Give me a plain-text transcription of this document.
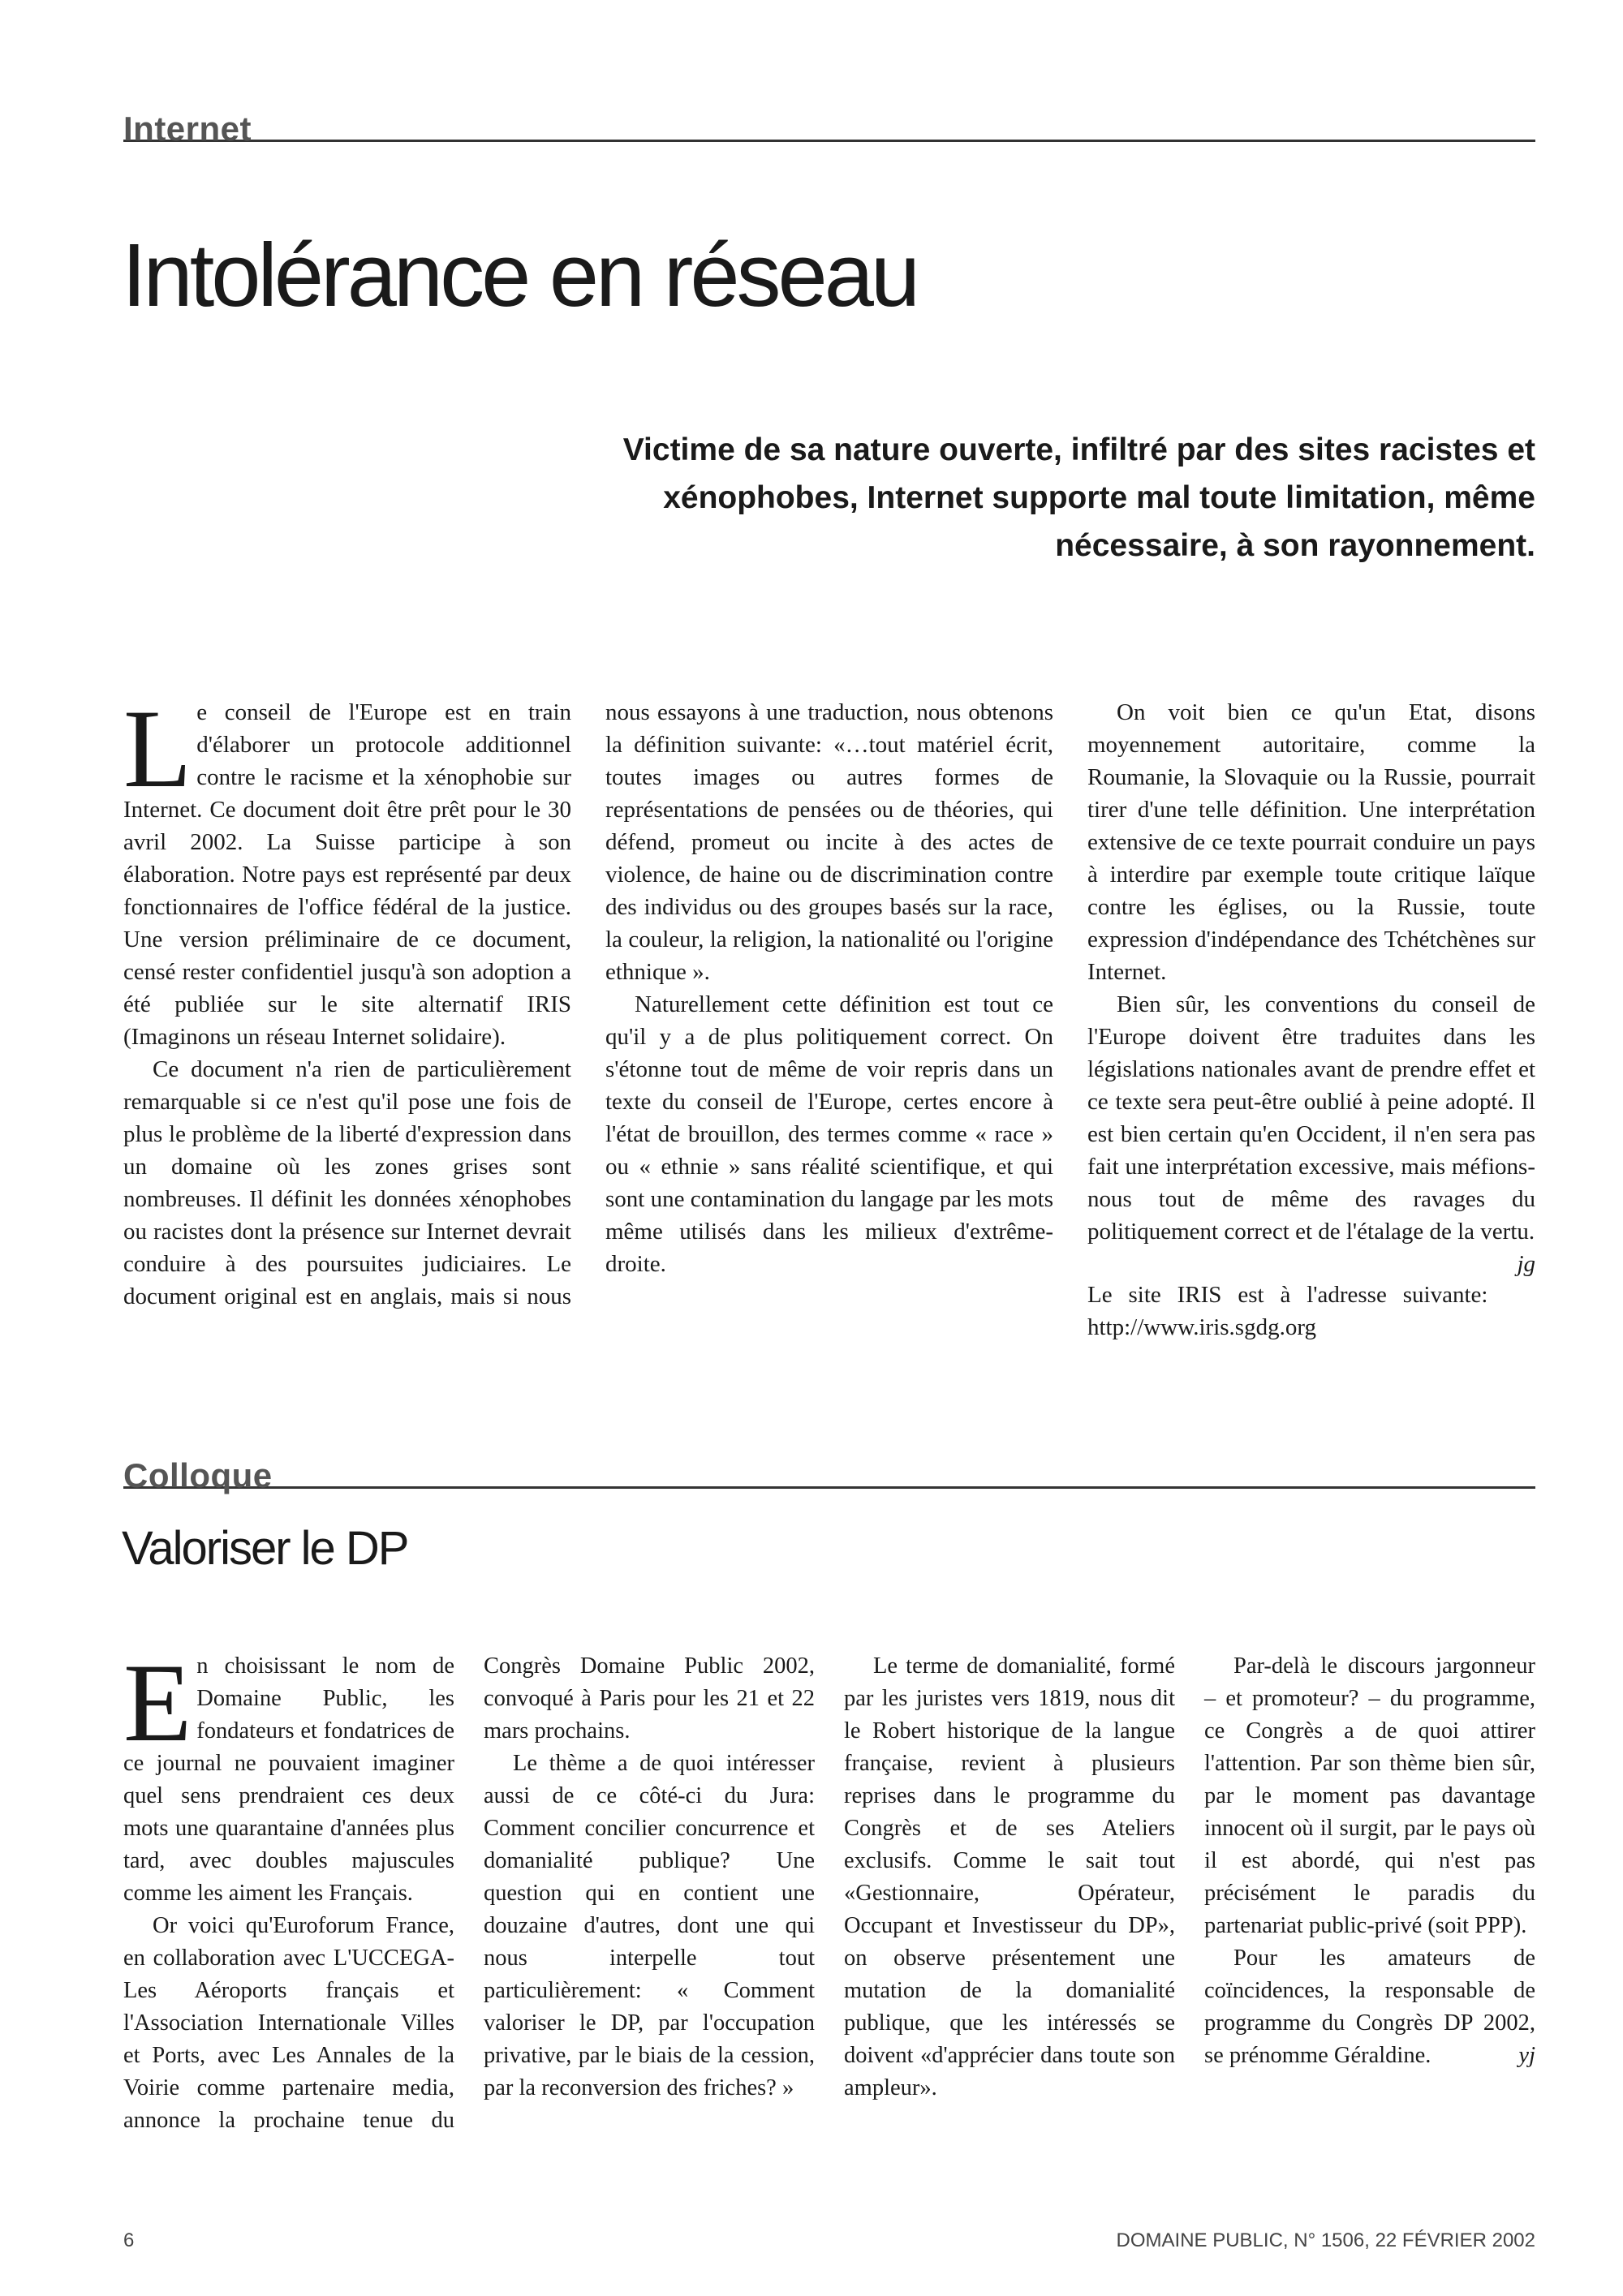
Internet
Intolérance en réseau

Victime de sa nature ouverte, infiltré par des sites racistes et xénophobes, Internet supporte mal toute limitation, même nécessaire, à son rayonnement.

Le conseil de l'Europe est en train d'élaborer un protocole additionnel contre le racisme et la xénophobie sur Internet. Ce document doit être prêt pour le 30 avril 2002. La Suisse participe à son élaboration. Notre pays est représenté par deux fonctionnaires de l'office fédéral de la justice. Une version préliminaire de ce document, censé rester confidentiel jusqu'à son adoption a été publiée sur le site alternatif IRIS (Imaginons un réseau Internet solidaire).

Ce document n'a rien de particulièrement remarquable si ce n'est qu'il pose une fois de plus le problème de la liberté d'expression dans un domaine où les zones grises sont nombreuses. Il définit les données xénophobes ou racistes dont la présence sur Internet devrait conduire à des poursuites judiciaires. Le document original est en anglais, mais si nous nous essayons à une traduction, nous obtenons la définition suivante: «…tout matériel écrit, toutes images ou autres formes de représentations de pensées ou de théories, qui défend, promeut ou incite à des actes de violence, de haine ou de discrimination contre des individus ou des groupes basés sur la race, la couleur, la religion, la nationalité ou l'origine ethnique ».

Naturellement cette définition est tout ce qu'il y a de plus politiquement correct. On s'étonne tout de même de voir repris dans un texte du conseil de l'Europe, certes encore à l'état de brouillon, des termes comme « race » ou « ethnie » sans réalité scientifique, et qui sont une contamination du langage par les mots même utilisés dans les milieux d'extrême-droite.

On voit bien ce qu'un Etat, disons moyennement autoritaire, comme la Roumanie, la Slovaquie ou la Russie, pourrait tirer d'une telle définition. Une interprétation extensive de ce texte pourrait conduire un pays à interdire par exemple toute critique laïque contre les églises, ou la Russie, toute expression d'indépendance des Tchétchènes sur Internet.

Bien sûr, les conventions du conseil de l'Europe doivent être traduites dans les législations nationales avant de prendre effet et ce texte sera peut-être oublié à peine adopté. Il est bien certain qu'en Occident, il n'en sera pas fait une interprétation excessive, mais méfions-nous tout de même des ravages du politiquement correct et de l'étalage de la vertu.
jg

Le site IRIS est à l'adresse suivante: http://www.iris.sgdg.org

Colloque
Valoriser le DP

En choisissant le nom de Domaine Public, les fondateurs et fondatrices de ce journal ne pouvaient imaginer quel sens prendraient ces deux mots une quarantaine d'années plus tard, avec doubles majuscules comme les aiment les Français.

Or voici qu'Euroforum France, en collaboration avec L'UCCEGA-Les Aéroports français et l'Association Internationale Villes et Ports, avec Les Annales de la Voirie comme partenaire media, annonce la prochaine tenue du Congrès Domaine Public 2002, convoqué à Paris pour les 21 et 22 mars prochains.

Le thème a de quoi intéresser aussi de ce côté-ci du Jura: Comment concilier concurrence et domanialité publique? Une question qui en contient une douzaine d'autres, dont une qui nous interpelle tout particulièrement: « Comment valoriser le DP, par l'occupation privative, par le biais de la cession, par la reconversion des friches? »

Le terme de domanialité, formé par les juristes vers 1819, nous dit le Robert historique de la langue française, revient à plusieurs reprises dans le programme du Congrès et de ses Ateliers exclusifs. Comme le sait tout «Gestionnaire, Opérateur, Occupant et Investisseur du DP», on observe présentement une mutation de la domanialité publique, que les intéressés se doivent «d'apprécier dans toute son ampleur».

Par-delà le discours jargonneur – et promoteur? – du programme, ce Congrès a de quoi attirer l'attention. Par son thème bien sûr, par le moment pas davantage innocent où il surgit, par le pays où il est abordé, qui n'est pas précisément le paradis du partenariat public-privé (soit PPP).

Pour les amateurs de coïncidences, la responsable de programme du Congrès DP 2002, se prénomme Géraldine.	yj

6	DOMAINE PUBLIC, N° 1506, 22 FÉVRIER 2002
